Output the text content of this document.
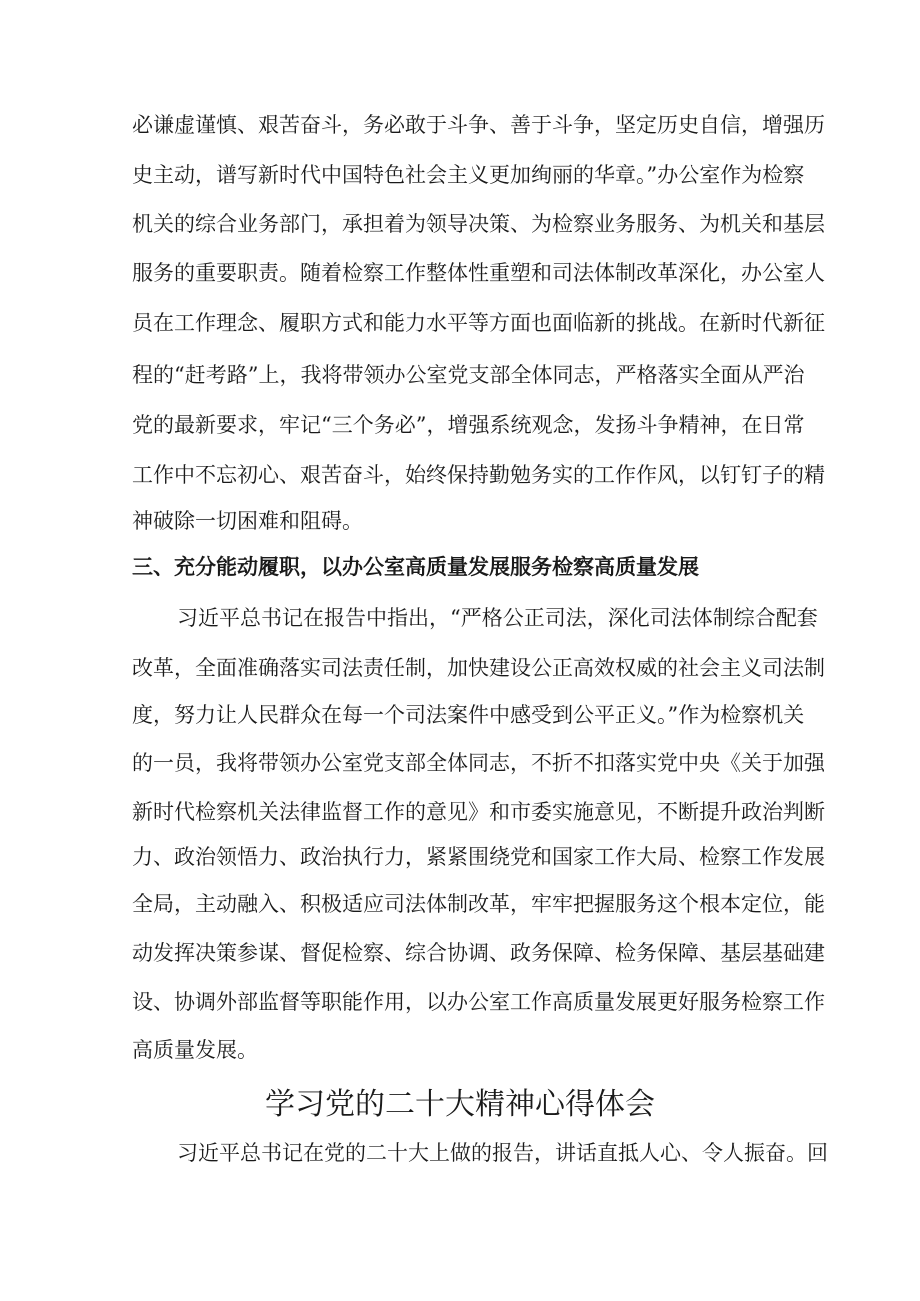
必谦虚谨慎、艰苦奋斗，务必敢于斗争、善于斗争，坚定历史自信，增强历
史主动，谱写新时代中国特色社会主义更加绚丽的华章。”办公室作为检察
机关的综合业务部门，承担着为领导决策、为检察业务服务、为机关和基层
服务的重要职责。随着检察工作整体性重塑和司法体制改革深化，办公室人
员在工作理念、履职方式和能力水平等方面也面临新的挑战。在新时代新征
程的“赶考路”上，我将带领办公室党支部全体同志，严格落实全面从严治
党的最新要求，牢记“三个务必”，增强系统观念，发扬斗争精神，在日常
工作中不忘初心、艰苦奋斗，始终保持勤勉务实的工作作风，以钉钉子的精
神破除一切困难和阻碍。
三、充分能动履职，以办公室高质量发展服务检察高质量发展
习近平总书记在报告中指出，“严格公正司法，深化司法体制综合配套
改革，全面准确落实司法责任制，加快建设公正高效权威的社会主义司法制
度，努力让人民群众在每一个司法案件中感受到公平正义。”作为检察机关
的一员，我将带领办公室党支部全体同志，不折不扣落实党中央《关于加强
新时代检察机关法律监督工作的意见》和市委实施意见，不断提升政治判断
力、政治领悟力、政治执行力，紧紧围绕党和国家工作大局、检察工作发展
全局，主动融入、积极适应司法体制改革，牢牢把握服务这个根本定位，能
动发挥决策参谋、督促检察、综合协调、政务保障、检务保障、基层基础建
设、协调外部监督等职能作用，以办公室工作高质量发展更好服务检察工作
高质量发展。
学习党的二十大精神心得体会
习近平总书记在党的二十大上做的报告，讲话直抵人心、令人振奋。回
